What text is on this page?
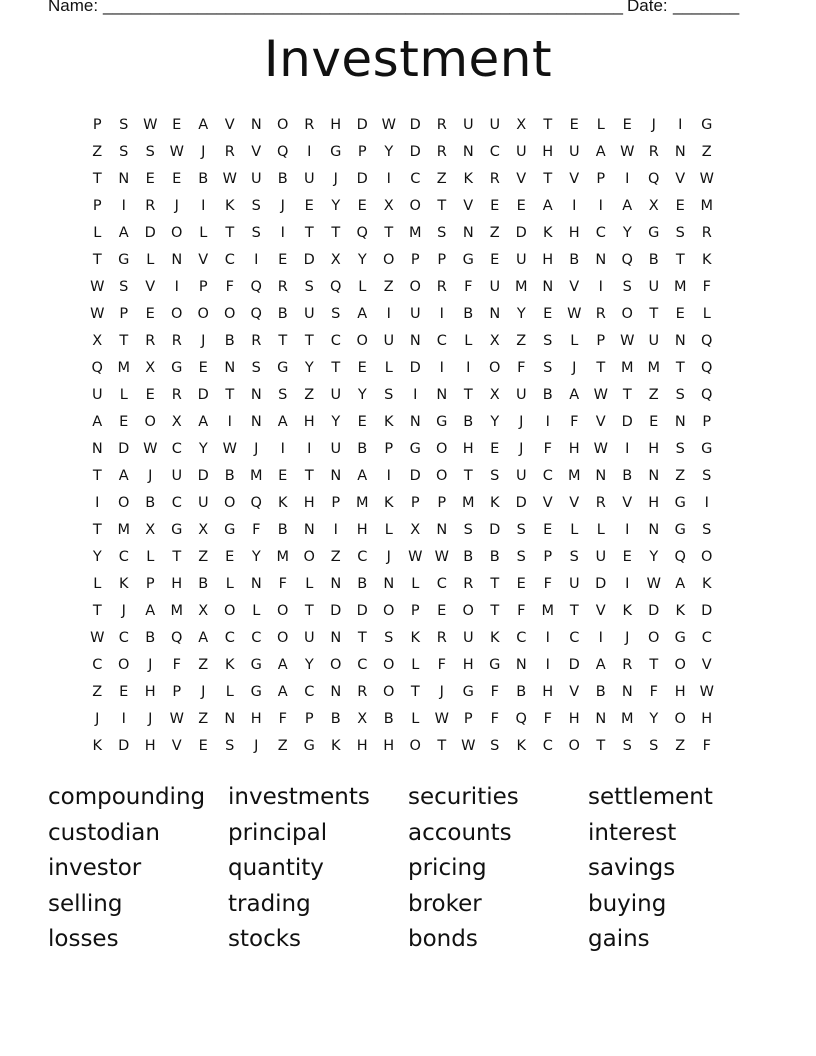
Name: _______________________________________________________ Date: _______
Investment
P	S	W	E	A	V	N	O	R	H	D W D	R	U	U	X	T	E	L	E	J	I	G
Z	S	S	W	J	R	V	Q	I	G	P	Y	D	R	N	C	U	H	U	A W R	N	Z
T	N	E	E	B W U	B	U	J	D	I	C	Z	K	R	V	T	V	P	I	Q	V W
P	I	R	J	I	K	S	J	E	Y	E	X	O	T	V	E	E	A	I	I	A	X	E	M
L	A	D	O	L	T	S	I	T	T	Q	T	M	S	N	Z	D	K	H	C	Y	G	S	R
T	G	L	N	V	C	I	E	D	X	Y	O	P	P	G	E	U	H	B	N	Q	B	T	K
W	S	V	I	P	F	Q	R	S	Q	L	Z	O	R	F	U	M	N	V	I	S	U	M	F
W	P	E	O	O	O	Q	B	U	S	A	I	U	I	B	N	Y	E	W R	O	T	E	L
X	T	R	R	J	B	R	T	T	C	O	U	N	C	L	X	Z	S	L	P	W U	N	Q
Q	M	X	G	E	N	S	G	Y	T	E	L	D	I	I	O	F	S	J	T	M M	T	Q
U	L	E	R	D	T	N	S	Z	U	Y	S	I	N	T	X	U	B	A W	T	Z	S	Q
A	E	O	X	A	I	N	A	H	Y	E	K	N	G	B	Y	J	I	F	V	D	E	N	P
N	D W C	Y	W	J	I	I	U	B	P	G	O	H	E	J	F	H W	I	H	S	G
T	A	J	U	D	B	M	E	T	N	A	I	D	O	T	S	U	C	M	N	B	N	Z	S
I	O	B	C	U	O	Q	K	H	P	M	K	P	P	M	K	D	V	V	R	V	H	G	I
T	M	X	G	X	G	F	B	N	I	H	L	X	N	S	D	S	E	L	L	I	N	G	S
Y	C	L	T	Z	E	Y	M	O	Z	C	J	W W B	B	S	P	S	U	E	Y	Q	O
L	K	P	H	B	L	N	F	L	N	B	N	L	C	R	T	E	F	U	D	I	W A	K
T	J	A	M	X	O	L	O	T	D	D	O	P	E	O	T	F	M	T	V	K	D	K	D
W C	B	Q	A	C	C	O	U	N	T	S	K	R	U	K	C	I	C	I	J	O	G	C
C	O	J	F	Z	K	G	A	Y	O	C	O	L	F	H	G	N	I	D	A	R	T	O	V
Z	E	H	P	J	L	G	A	C	N	R	O	T	J	G	F	B	H	V	B	N	F	H W
J	I	J	W Z	N	H	F	P	B	X	B	L	W	P	F	Q	F	H	N	M	Y	O	H
K	D	H	V	E	S	J	Z	G	K	H	H	O	T	W	S	K	C	O	T	S	S	Z	F
compounding investments	securities	settlement
custodian	principal	accounts	interest
investor	quantity	pricing	savings
selling	trading	broker	buying
losses	stocks	bonds	gains
